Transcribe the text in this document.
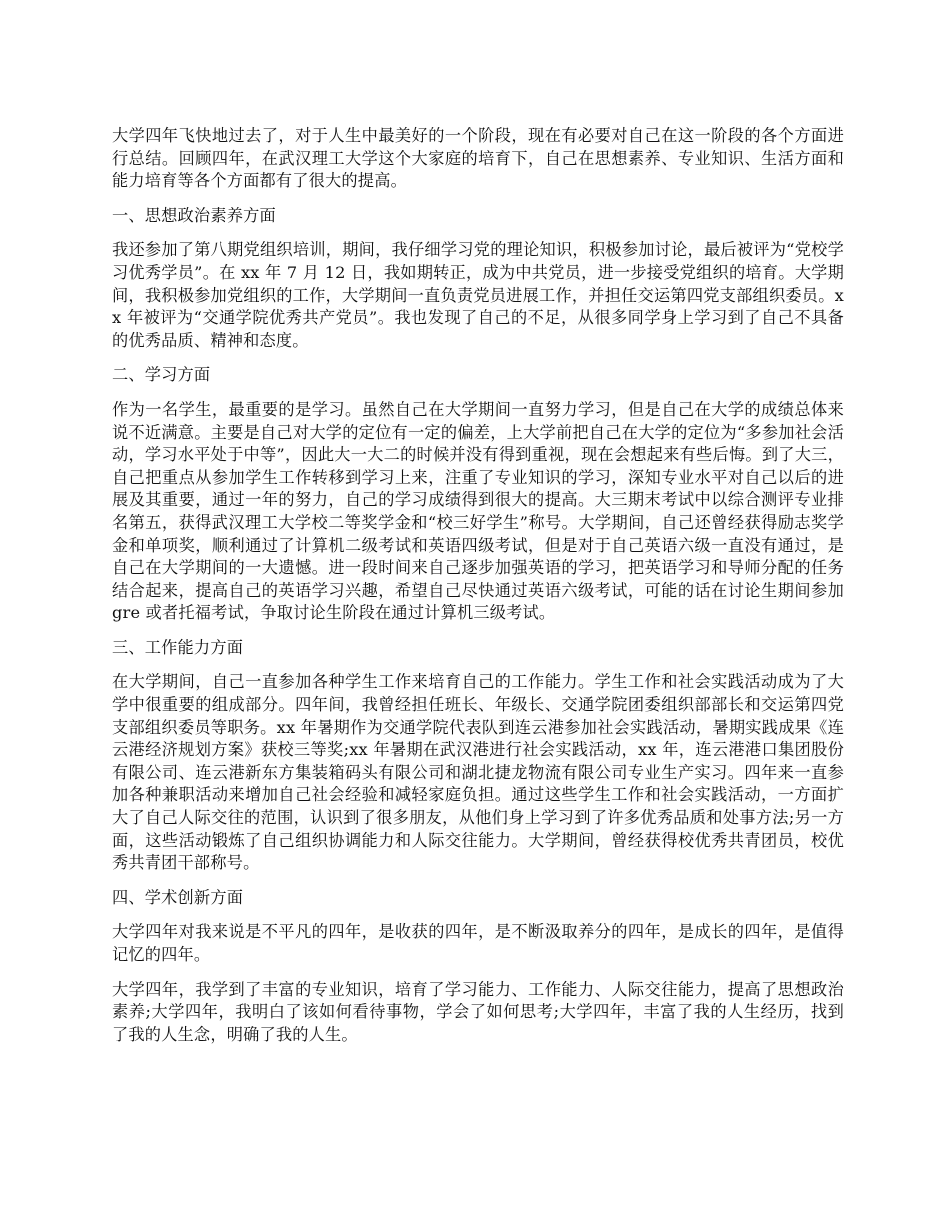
大学四年飞快地过去了，对于人生中最美好的一个阶段，现在有必要对自己在这一阶段的各个方面进行总结。回顾四年，在武汉理工大学这个大家庭的培育下，自己在思想素养、专业知识、生活方面和能力培育等各个方面都有了很大的提高。

一、思想政治素养方面

我还参加了第八期党组织培训，期间，我仔细学习党的理论知识，积极参加讨论，最后被评为“党校学习优秀学员”。在 xx 年 7 月 12 日，我如期转正，成为中共党员，进一步接受党组织的培育。大学期间，我积极参加党组织的工作，大学期间一直负责党员进展工作，并担任交运第四党支部组织委员。xx 年被评为“交通学院优秀共产党员”。我也发现了自己的不足，从很多同学身上学习到了自己不具备的优秀品质、精神和态度。

二、学习方面

作为一名学生，最重要的是学习。虽然自己在大学期间一直努力学习，但是自己在大学的成绩总体来说不近满意。主要是自己对大学的定位有一定的偏差，上大学前把自己在大学的定位为“多参加社会活动，学习水平处于中等”，因此大一大二的时候并没有得到重视，现在会想起来有些后悔。到了大三，自己把重点从参加学生工作转移到学习上来，注重了专业知识的学习，深知专业水平对自己以后的进展及其重要，通过一年的努力，自己的学习成绩得到很大的提高。大三期末考试中以综合测评专业排名第五，获得武汉理工大学校二等奖学金和“校三好学生”称号。大学期间，自己还曾经获得励志奖学金和单项奖，顺利通过了计算机二级考试和英语四级考试，但是对于自己英语六级一直没有通过，是自己在大学期间的一大遗憾。进一段时间来自己逐步加强英语的学习，把英语学习和导师分配的任务结合起来，提高自己的英语学习兴趣，希望自己尽快通过英语六级考试，可能的话在讨论生期间参加 gre 或者托福考试，争取讨论生阶段在通过计算机三级考试。

三、工作能力方面

在大学期间，自己一直参加各种学生工作来培育自己的工作能力。学生工作和社会实践活动成为了大学中很重要的组成部分。四年间，我曾经担任班长、年级长、交通学院团委组织部部长和交运第四党支部组织委员等职务。xx 年暑期作为交通学院代表队到连云港参加社会实践活动，暑期实践成果《连云港经济规划方案》获校三等奖;xx 年暑期在武汉港进行社会实践活动，xx 年，连云港港口集团股份有限公司、连云港新东方集装箱码头有限公司和湖北捷龙物流有限公司专业生产实习。四年来一直参加各种兼职活动来增加自己社会经验和减轻家庭负担。通过这些学生工作和社会实践活动，一方面扩大了自己人际交往的范围，认识到了很多朋友，从他们身上学习到了许多优秀品质和处事方法;另一方面，这些活动锻炼了自己组织协调能力和人际交往能力。大学期间，曾经获得校优秀共青团员，校优秀共青团干部称号。

四、学术创新方面

大学四年对我来说是不平凡的四年，是收获的四年，是不断汲取养分的四年，是成长的四年，是值得记忆的四年。

大学四年，我学到了丰富的专业知识，培育了学习能力、工作能力、人际交往能力，提高了思想政治素养;大学四年，我明白了该如何看待事物，学会了如何思考;大学四年，丰富了我的人生经历，找到了我的人生念，明确了我的人生。
